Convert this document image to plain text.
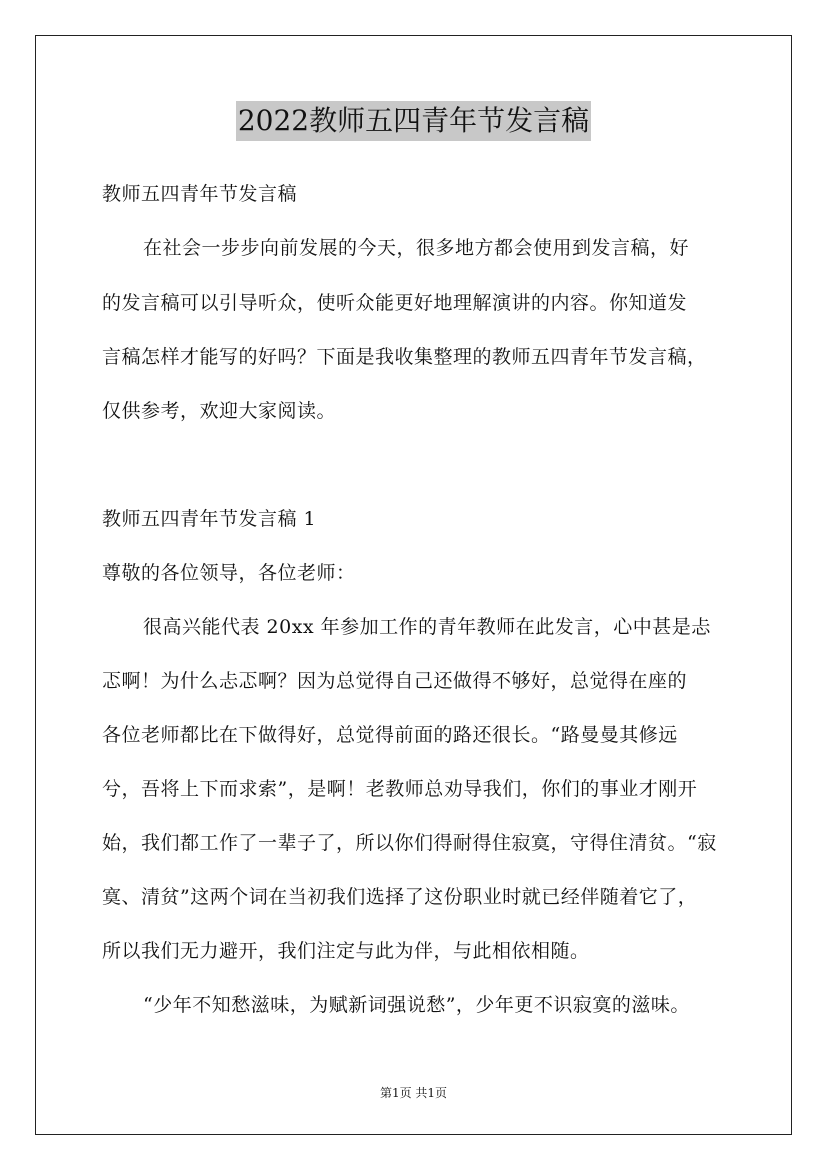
2022教师五四青年节发言稿
教师五四青年节发言稿
在社会一步步向前发展的今天，很多地方都会使用到发言稿，好
的发言稿可以引导听众，使听众能更好地理解演讲的内容。你知道发
言稿怎样才能写的好吗？下面是我收集整理的教师五四青年节发言稿，
仅供参考，欢迎大家阅读。
教师五四青年节发言稿 1
尊敬的各位领导，各位老师：
很高兴能代表 20xx 年参加工作的青年教师在此发言，心中甚是忐
忑啊！为什么忐忑啊？因为总觉得自己还做得不够好，总觉得在座的
各位老师都比在下做得好，总觉得前面的路还很长。“路曼曼其修远
兮，吾将上下而求索”，是啊！老教师总劝导我们，你们的事业才刚开
始，我们都工作了一辈子了，所以你们得耐得住寂寞，守得住清贫。“寂
寞、清贫”这两个词在当初我们选择了这份职业时就已经伴随着它了，
所以我们无力避开，我们注定与此为伴，与此相依相随。
“少年不知愁滋味，为赋新词强说愁”，少年更不识寂寞的滋味。
第1页 共1页
